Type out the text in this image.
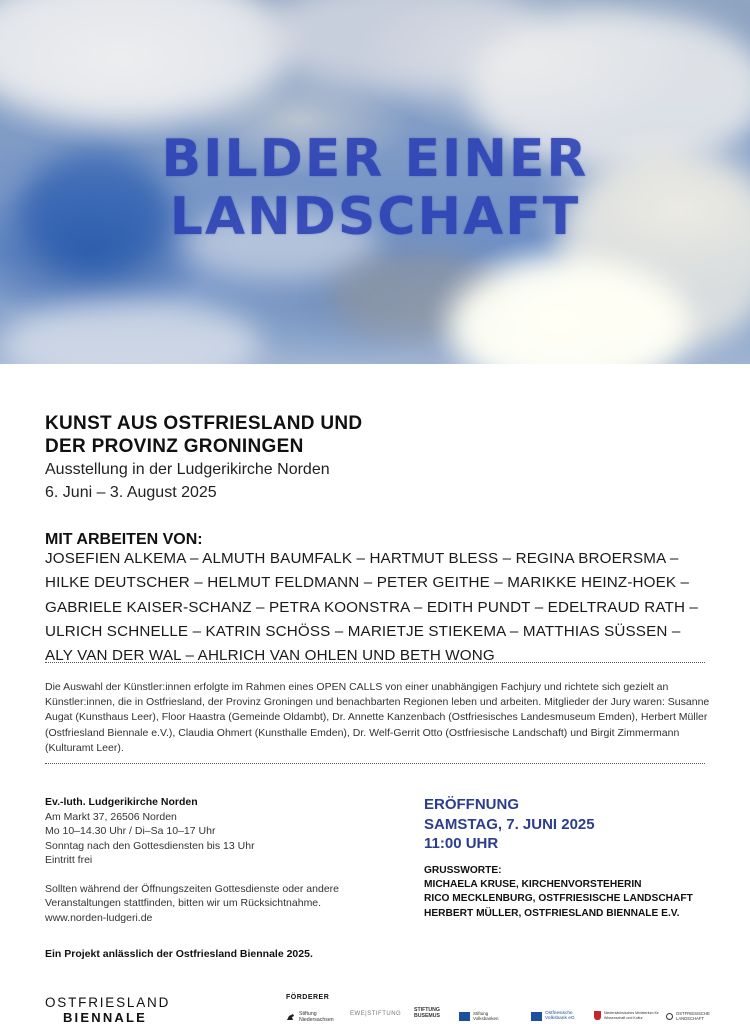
BILDER EINER
LANDSCHAFT
KUNST AUS OSTFRIESLAND UND
DER PROVINZ GRONINGEN
Ausstellung in der Ludgerikirche Norden
6. Juni – 3. August 2025
MIT ARBEITEN VON:
JOSEFIEN ALKEMA – ALMUTH BAUMFALK – HARTMUT BLESS – REGINA BROERSMA –
HILKE DEUTSCHER – HELMUT FELDMANN – PETER GEITHE – MARIKKE HEINZ-HOEK –
GABRIELE KAISER-SCHANZ – PETRA KOONSTRA – EDITH PUNDT – EDELTRAUD RATH –
ULRICH SCHNELLE – KATRIN SCHÖSS – MARIETJE STIEKEMA – MATTHIAS SÜSSEN –
ALY VAN DER WAL – AHLRICH VAN OHLEN UND BETH WONG
Die Auswahl der Künstler:innen erfolgte im Rahmen eines OPEN CALLS von einer unabhängigen Fachjury und richtete sich gezielt an Künstler:innen, die in Ostfriesland, der Provinz Groningen und benachbarten Regionen leben und arbeiten. Mitglieder der Jury waren: Susanne Augat (Kunsthaus Leer), Floor Haastra (Gemeinde Oldambt), Dr. Annette Kanzenbach (Ostfriesisches Landesmuseum Emden), Herbert Müller (Ostfriesland Biennale e.V.), Claudia Ohmert (Kunsthalle Emden), Dr. Welf-Gerrit Otto (Ostfriesische Landschaft) und Birgit Zimmermann (Kulturamt Leer).
Ev.-luth. Ludgerikirche Norden
Am Markt 37, 26506 Norden
Mo 10–14.30 Uhr / Di–Sa 10–17 Uhr
Sonntag nach den Gottesdiensten bis 13 Uhr
Eintritt frei
Sollten während der Öffnungszeiten Gottesdienste oder andere
Veranstaltungen stattfinden, bitten wir um Rücksichtnahme.
www.norden-ludgeri.de
ERÖFFNUNG
SAMSTAG, 7. JUNI 2025
11:00 UHR
GRUSSWORTE:
MICHAELA KRUSE, KIRCHENVORSTEHERIN
RICO MECKLENBURG, OSTFRIESISCHE LANDSCHAFT
HERBERT MÜLLER, OSTFRIESLAND BIENNALE E.V.
Ein Projekt anlässlich der Ostfriesland Biennale 2025.
OSTFRIESLAND
BIENNALE
FÖRDERER
Stiftung Niedersachsen
EWE|STIFTUNG
STIFTUNG BUSEMUS	Stiftung Volksbanken
Ostfriesische Volksbank eG
Niedersächsisches Ministerium für Wissenschaft und Kultur
OSTFRIESISCHE LANDSCHAFT
